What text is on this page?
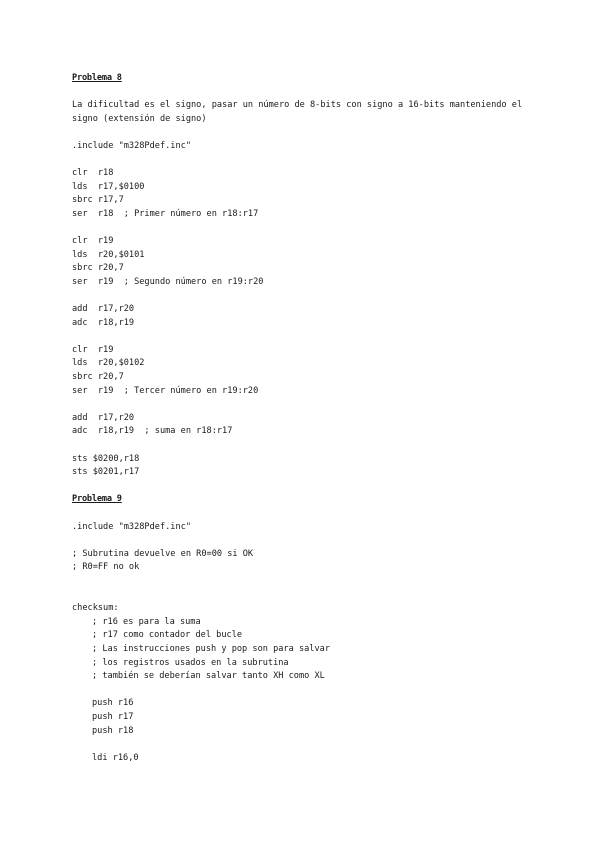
Problema 8
La dificultad es el signo, pasar un número de 8-bits con signo a 16-bits manteniendo el
signo (extensión de signo)
.include "m328Pdef.inc"
clr  r18
lds  r17,$0100
sbrc r17,7
ser  r18  ; Primer número en r18:r17
clr  r19
lds  r20,$0101
sbrc r20,7
ser  r19  ; Segundo número en r19:r20
add  r17,r20
adc  r18,r19
clr  r19
lds  r20,$0102
sbrc r20,7
ser  r19  ; Tercer número en r19:r20
add  r17,r20
adc  r18,r19  ; suma en r18:r17
sts $0200,r18
sts $0201,r17
Problema 9
.include "m328Pdef.inc"
; Subrutina devuelve en R0=00 si OK
; R0=FF no ok
checksum:
; r16 es para la suma
; r17 como contador del bucle
; Las instrucciones push y pop son para salvar
; los registros usados en la subrutina
; también se deberían salvar tanto XH como XL
push r16
push r17
push r18
ldi r16,0
